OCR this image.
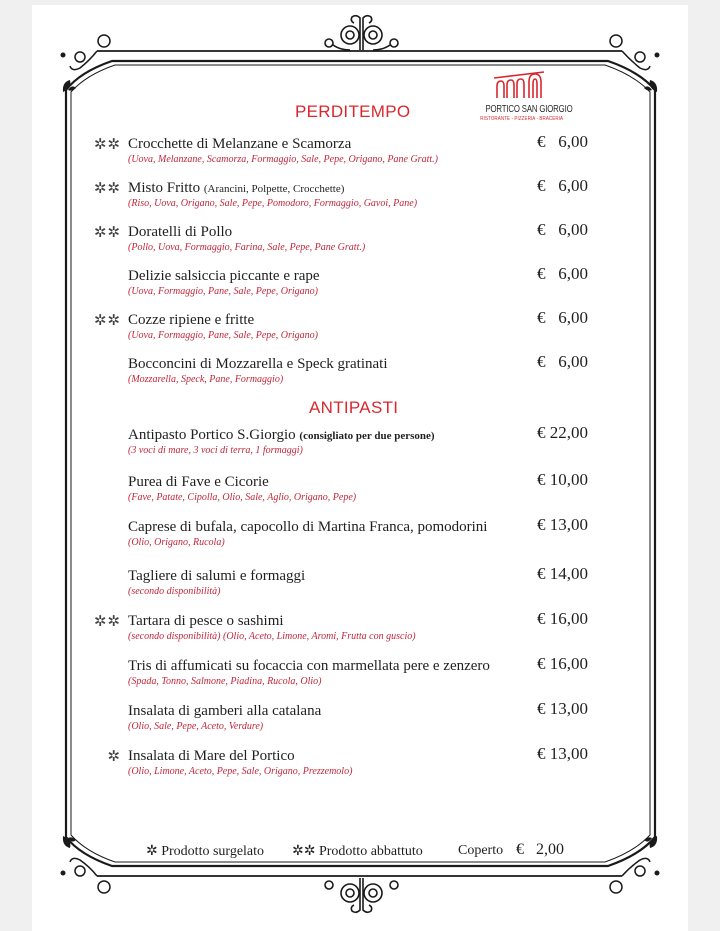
PORTICO SAN GIORGIO
RISTORANTE - PIZZERIA - BRACERIA
PERDITEMPO
✲✲ Crocchette di Melanzane e Scamorza
(Uova, Melanzane, Scamorza, Formaggio, Sale, Pepe, Origano, Pane Gratt.)
€   6,00
✲✲ Misto Fritto (Arancini, Polpette, Crocchette)
(Riso, Uova, Origano, Sale, Pepe, Pomodoro, Formaggio, Gavoi, Pane)
€   6,00
✲✲ Doratelli di Pollo
(Pollo, Uova, Formaggio, Farina, Sale, Pepe, Pane Gratt.)
€   6,00
Delizie salsiccia piccante e rape
(Uova, Formaggio, Pane, Sale, Pepe, Origano)
€   6,00
✲✲ Cozze ripiene e fritte
(Uova, Formaggio, Pane, Sale, Pepe, Origano)
€   6,00
Bocconcini di Mozzarella e Speck gratinati
(Mozzarella, Speck, Pane, Formaggio)
€   6,00
ANTIPASTI
Antipasto Portico S.Giorgio (consigliato per due persone)
(3 voci di mare, 3 voci di terra, 1 formaggi)
€ 22,00
Purea di Fave e Cicorie
(Fave, Patate, Cipolla, Olio, Sale, Aglio, Origano, Pepe)
€ 10,00
Caprese di bufala, capocollo di Martina Franca, pomodorini
(Olio, Origano, Rucola)
€ 13,00
Tagliere di salumi e formaggi
(secondo disponibilità)
€ 14,00
✲✲ Tartara di pesce o sashimi
(secondo disponibilità) (Olio, Aceto, Limone, Aromi, Frutta con guscio)
€ 16,00
Tris di affumicati su focaccia con marmellata pere e zenzero
(Spada, Tonno, Salmone, Piadina, Rucola, Olio)
€ 16,00
Insalata di gamberi alla catalana
(Olio, Sale, Pepe, Aceto, Verdure)
€ 13,00
✲ Insalata di Mare del Portico
(Olio, Limone, Aceto, Pepe, Sale, Origano, Prezzemolo)
€ 13,00
✲ Prodotto surgelato ✲✲ Prodotto abbattuto	Coperto €   2,00
